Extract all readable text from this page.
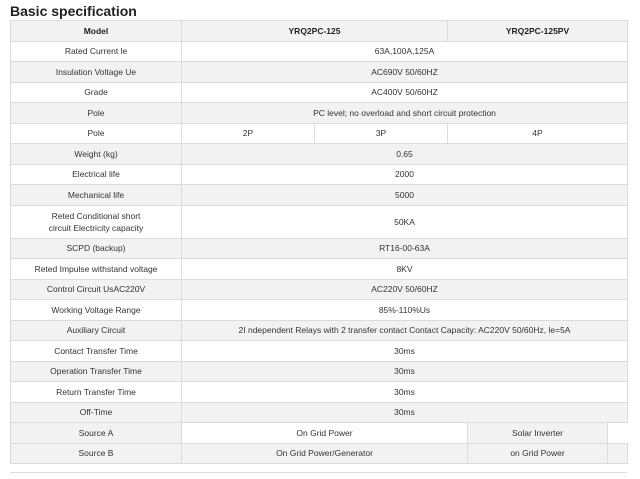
Basic specification
Model	YRQ2PC-125		YRQ2PC-125PV		
Rated Current le	63A,100A,125A				
Insulation Voltage Ue	AC690V 50/60HZ				
Grade	AC400V 50/60HZ				
Pole	PC level; no overload and short circuit protection				
Pole	2P	3P	4P		
Weight (kg)	0.65				
Electrical life	2000				
Mechanical life	5000				
Reted Conditional short
circuit Electricity capacity	50KA				
SCPD (backup)	RT16-00-63A				
Reted Impulse withstand voltage	8KV				
Control Circuit UsAC220V	AC220V 50/60HZ				
Working Voltage Range	85%-110%Us				
Auxiliary Circuit	2I ndependent Relays with 2 transfer contact Contact Capacity: AC220V 50/60Hz, le=5A				
Contact Transfer Time	30ms				
Operation Transfer Time	30ms				
Return Transfer Time	30ms				
Off-Time	30ms				
Source A	On Grid Power			Solar Inverter	
Source B	On Grid Power/Generator			on Grid Power	
